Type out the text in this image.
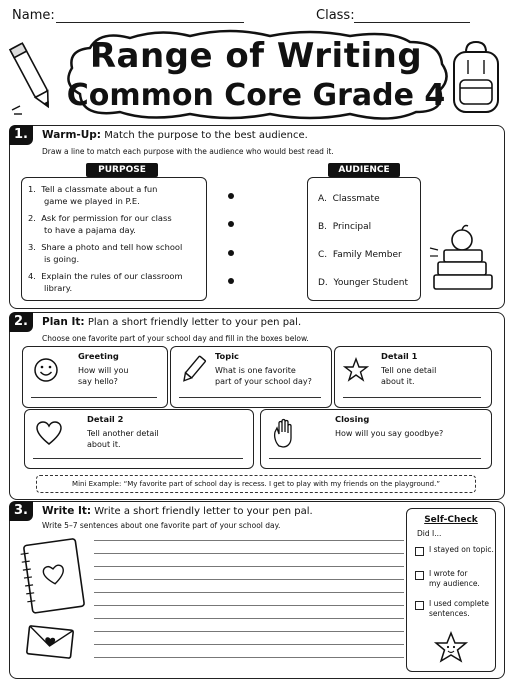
Name:	Class:
Range of Writing
Common Core Grade 4
1.	Warm-Up: Match the purpose to the best audience.
Draw a line to match each purpose with the audience who would best read it.
PURPOSE
1. Tell a classmate about a fun
game we played in P.E.
2. Ask for permission for our class
to have a pajama day.
3. Share a photo and tell how school
is going.
4. Explain the rules of our classroom
library.
AUDIENCE
A. Classmate
B. Principal
C. Family Member
D. Younger Student
2.	Plan It: Plan a short friendly letter to your pen pal.
Choose one favorite part of your school day and fill in the boxes below.
Greeting
How will you
say hello?
Topic
What is one favorite
part of your school day?
Detail 1
Tell one detail
about it.
Detail 2
Tell another detail
about it.
Closing
How will you say goodbye?
Mini Example: “My favorite part of school day is recess. I get to play with my friends on the playground.”
3.	Write It: Write a short friendly letter to your pen pal.
Write 5–7 sentences about one favorite part of your school day.
Self-Check
Did I...
I stayed on topic.
I wrote for
my audience.
I used complete
sentences.
